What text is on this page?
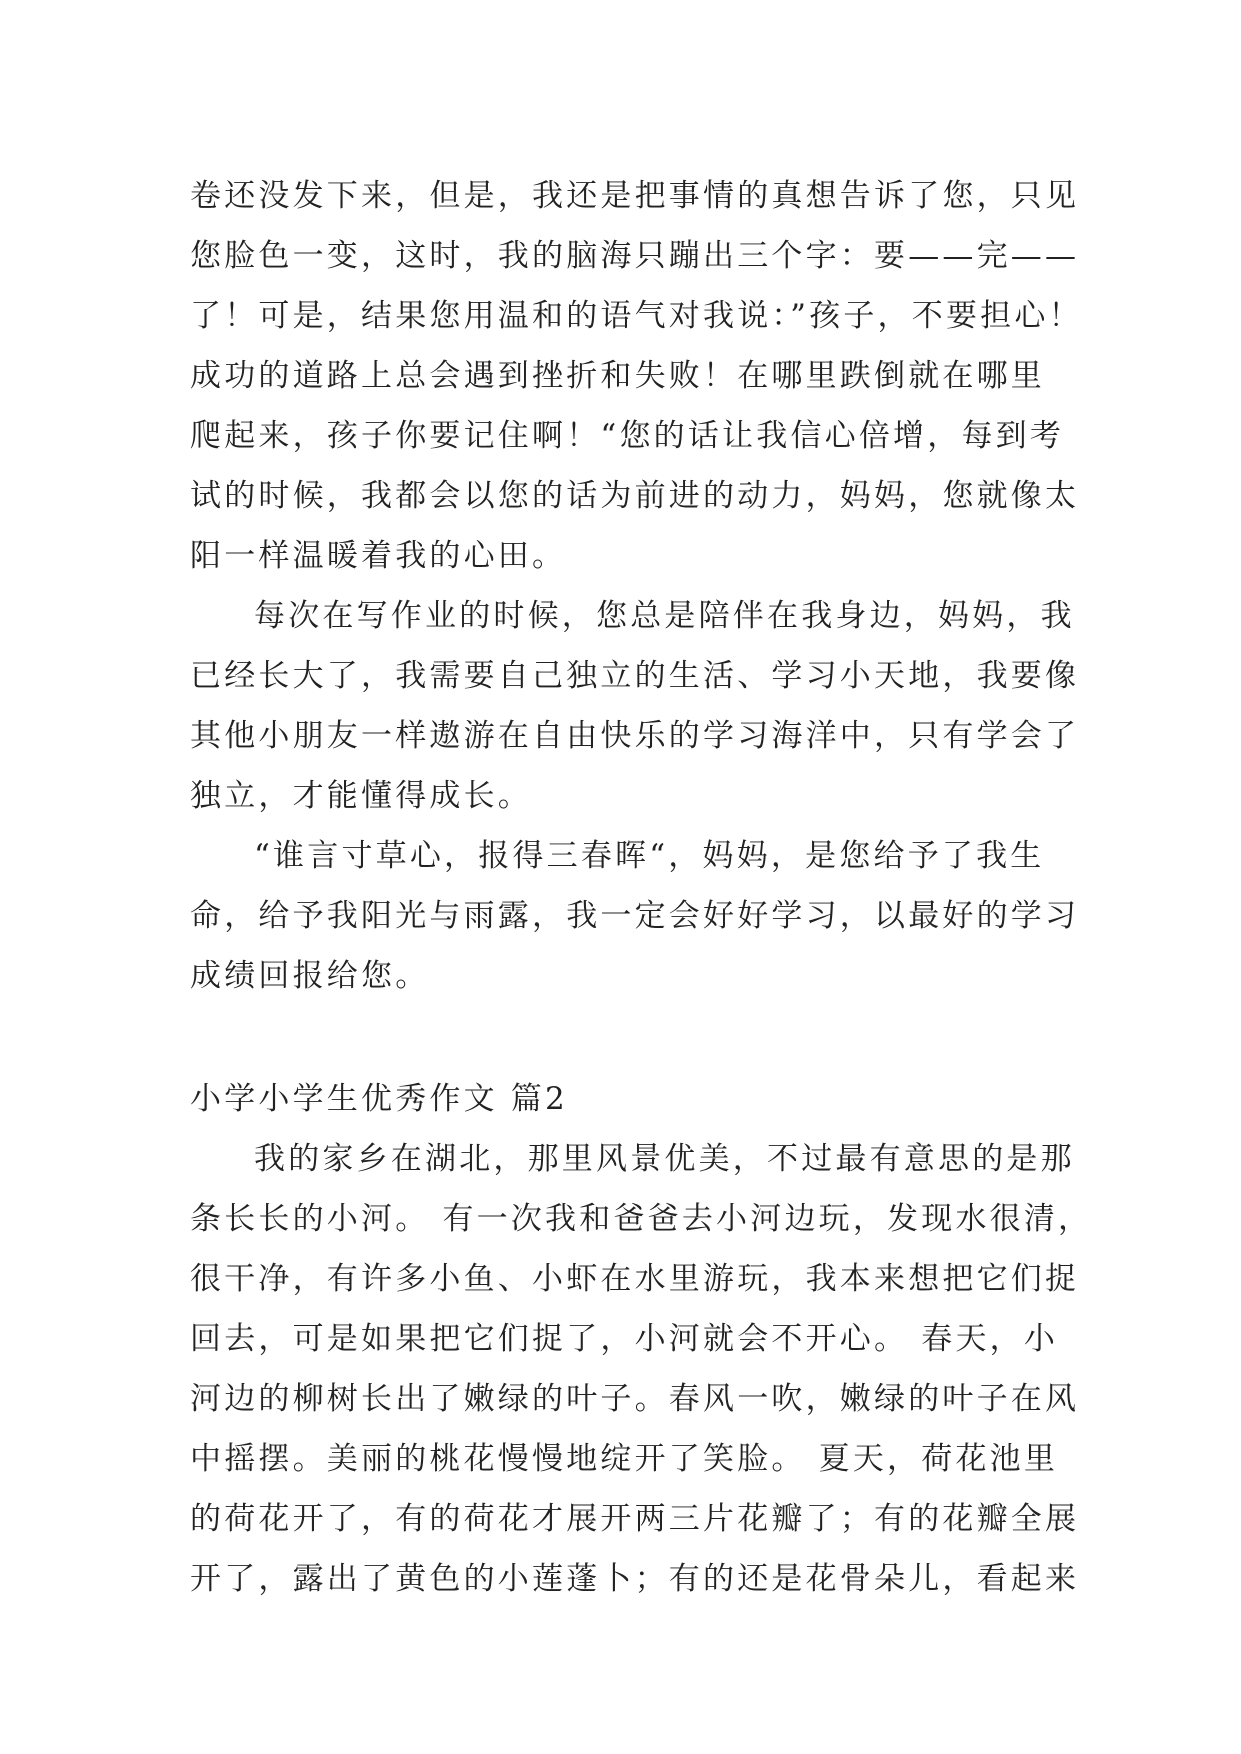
卷还没发下来，但是，我还是把事情的真想告诉了您，只见
您脸色一变，这时，我的脑海只蹦出三个字：要——完——
了！可是，结果您用温和的语气对我说：”孩子，不要担心！
成功的道路上总会遇到挫折和失败！在哪里跌倒就在哪里
爬起来，孩子你要记住啊！“您的话让我信心倍增，每到考
试的时候，我都会以您的话为前进的动力，妈妈，您就像太
阳一样温暖着我的心田。
每次在写作业的时候，您总是陪伴在我身边，妈妈，我
已经长大了，我需要自己独立的生活、学习小天地，我要像
其他小朋友一样遨游在自由快乐的学习海洋中，只有学会了
独立，才能懂得成长。
“谁言寸草心，报得三春晖“，妈妈，是您给予了我生
命，给予我阳光与雨露，我一定会好好学习，以最好的学习
成绩回报给您。
小学小学生优秀作文 篇2
我的家乡在湖北，那里风景优美，不过最有意思的是那
条长长的小河。 有一次我和爸爸去小河边玩，发现水很清，
很干净，有许多小鱼、小虾在水里游玩，我本来想把它们捉
回去，可是如果把它们捉了，小河就会不开心。 春天，小
河边的柳树长出了嫩绿的叶子。春风一吹，嫩绿的叶子在风
中摇摆。美丽的桃花慢慢地绽开了笑脸。 夏天，荷花池里
的荷花开了，有的荷花才展开两三片花瓣了；有的花瓣全展
开了，露出了黄色的小莲蓬卜；有的还是花骨朵儿，看起来
